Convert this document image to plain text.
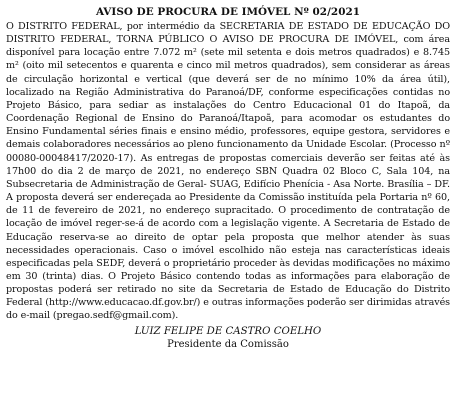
AVISO DE PROCURA DE IMÓVEL Nº 02/2021

O DISTRITO FEDERAL, por intermédio da SECRETARIA DE ESTADO DE EDUCAÇÃO DO DISTRITO FEDERAL, TORNA PÚBLICO O AVISO DE PROCURA DE IMÓVEL, com área disponível para locação entre 7.072 m² (sete mil setenta e dois metros quadrados) e 8.745 m² (oito mil setecentos e quarenta e cinco mil metros quadrados), sem considerar as áreas de circulação horizontal e vertical (que deverá ser de no mínimo 10% da área útil), localizado na Região Administrativa do Paranoá/DF, conforme especificações contidas no Projeto Básico, para sediar as instalações do Centro Educacional 01 do Itapoã, da Coordenação Regional de Ensino do Paranoá/Itapoã, para acomodar os estudantes do Ensino Fundamental séries finais e ensino médio, professores, equipe gestora, servidores e demais colaboradores necessários ao pleno funcionamento da Unidade Escolar. (Processo nº 00080-00048417/2020-17). As entregas de propostas comerciais deverão ser feitas até às 17h00 do dia 2 de março de 2021, no endereço SBN Quadra 02 Bloco C, Sala 104, na Subsecretaria de Administração de Geral- SUAG, Edifício Phenícia - Asa Norte. Brasília – DF. A proposta deverá ser endereçada ao Presidente da Comissão instituída pela Portaria nº 60, de 11 de fevereiro de 2021, no endereço supracitado. O procedimento de contratação de locação de imóvel reger-se-á de acordo com a legislação vigente. A Secretaria de Estado de Educação reserva-se ao direito de optar pela proposta que melhor atender às suas necessidades operacionais. Caso o imóvel escolhido não esteja nas características ideais especificadas pela SEDF, deverá o proprietário proceder às devidas modificações no máximo em 30 (trinta) dias. O Projeto Básico contendo todas as informações para elaboração de propostas poderá ser retirado no site da Secretaria de Estado de Educação do Distrito Federal (http://www.educacao.df.gov.br/) e outras informações poderão ser dirimidas através do e-mail (pregao.sedf@gmail.com).

LUIZ FELIPE DE CASTRO COELHO

Presidente da Comissão
